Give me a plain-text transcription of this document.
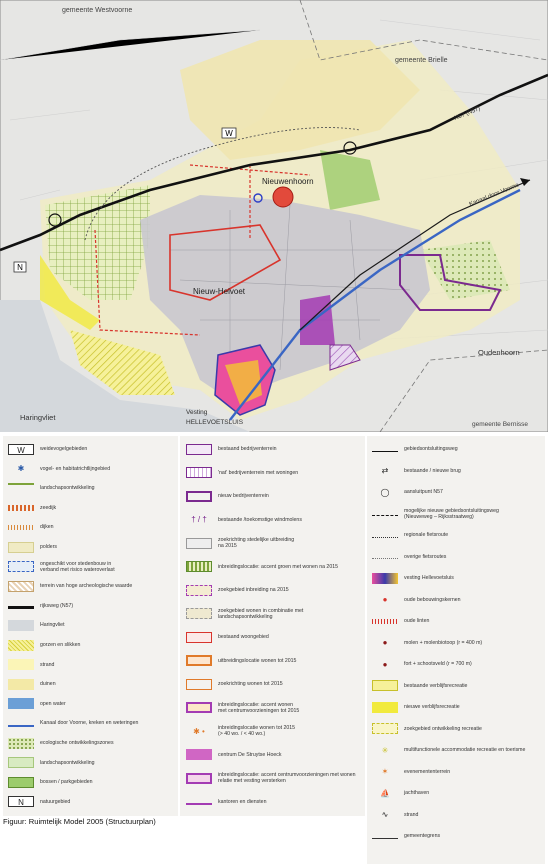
W
N
gemeente Westvoorne
gemeente Brielle
Nieuwenhoorn
Nieuw-Helvoet
Oudenhoorn
Haringvliet
Vesting
HELLEVOETSLUIS	gemeente Bernisse
N57 (N57)
Kanaal door Voorne
W	weidevogelgebieden
✱	vogel- en habitatrichtlijngebied
landschapsontwikkeling
zeedijk
dijken
polders
ongeschikt voor stedenbouw in
verband met risico wateroverlast
terrein van hoge archeologische waarde
rijksweg (N57)
Haringvliet
gorzen en slikken
strand
duinen
open water
Kanaal door Voorne, kreken en weteringen
ecologische ontwikkelingszones
landschapsontwikkeling
bossen / parkgebieden
N	natuurgebied
bestaand bedrijventerrein
'nat' bedrijventerrein met woningen
nieuw bedrijventerrein
† / †	bestaande /toekomstige windmolens
zoekrichting stedelijke uitbreiding
na 2015
inbreidingslocatie: accent groen met wonen na 2015
zoekgebied inbreiding na 2015
zoekgebied wonen in combinatie met
landschapsontwikkeling
bestaand woongebied
uitbreidingslocatie wonen tot 2015
zoekrichting wonen tot 2015
inbreidingslocatie: accent wonen
met centrumvoorzieningen tot 2015
✱ •	inbreidingslocatie wonen tot 2015
(> 40 wo. / < 40 wo.)
centrum De Struytse Hoeck
inbreidingslocatie: accent centrumvoorzieningen met wonen
relatie met vesting versterken
kantoren en diensten
gebiedsontsluitingsweg
⇄	bestaande / nieuwe brug
◯	aansluitpunt N57
mogelijke nieuwe gebiedsontsluitingsweg
(Nieuweweg – Rijksstraatweg)
regionale fietsroute
overige fietsroutes
vesting Hellevoetsluis
●	oude bebouwingskernen
oude linten
●	molen + molenbiotoop (r = 400 m)
●	fort + schootsveld (r = 700 m)
bestaande verblijfsrecreatie
nieuwe verblijfsrecreatie
zoekgebied ontwikkeling recreatie
✳	multifunctionele accommodatie recreatie en toerisme
✶	evenemententerrein
⛵	jachthaven
∿	strand
gemeentegrens
Figuur: Ruimtelijk Model 2005 (Structuurplan)
